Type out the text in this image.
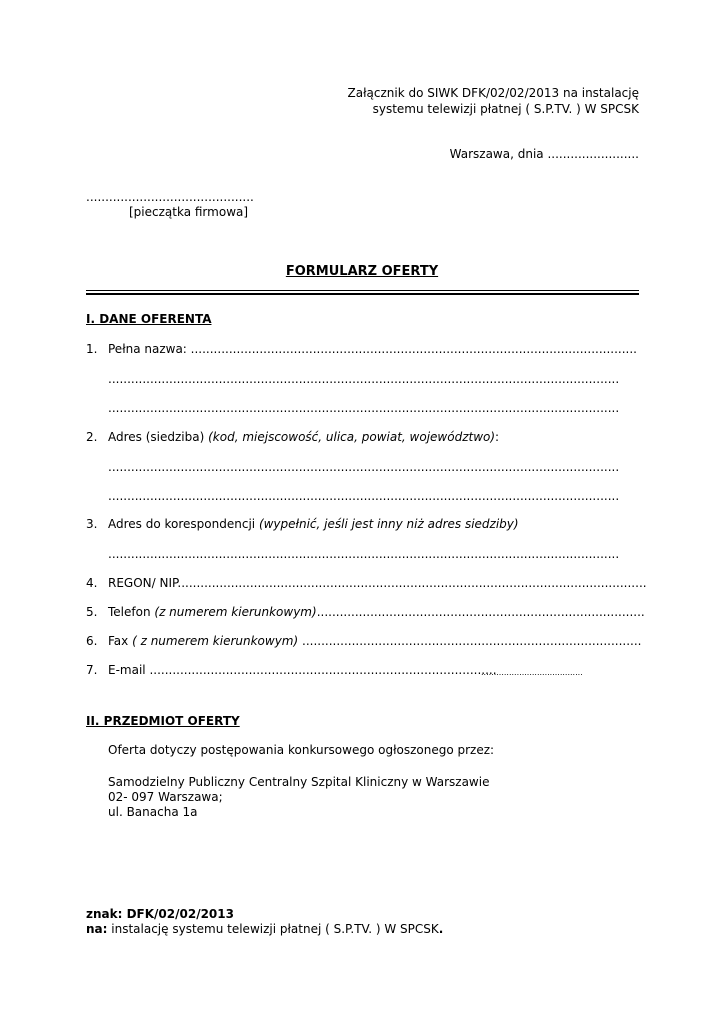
Załącznik do SIWK DFK/02/02/2013 na instalację
systemu telewizji płatnej ( S.P.TV. ) W SPCSK
Warszawa, dnia ........................
............................................
[pieczątka firmowa]
FORMULARZ OFERTY
I. DANE OFERENTA
1. Pełna nazwa: .....................................................................................................................
......................................................................................................................................
......................................................................................................................................
2. Adres (siedziba) (kod, miejscowość, ulica, powiat, województwo):
......................................................................................................................................
......................................................................................................................................
3. Adres do korespondencji (wypełnić, jeśli jest inny niż adres siedziby)
......................................................................................................................................
4. REGON/ NIP...........................................................................................................................
5. Telefon (z numerem kierunkowym)......................................................................................
6. Fax ( z numerem kierunkowym) .........................................................................................
7. E-mail ...........................................................................................
........................................
II. PRZEDMIOT OFERTY
Oferta dotyczy postępowania konkursowego ogłoszonego przez:
Samodzielny Publiczny Centralny Szpital Kliniczny w Warszawie
02- 097 Warszawa;
ul. Banacha 1a
znak: DFK/02/02/2013
na: instalację systemu telewizji płatnej ( S.P.TV. ) W SPCSK.
